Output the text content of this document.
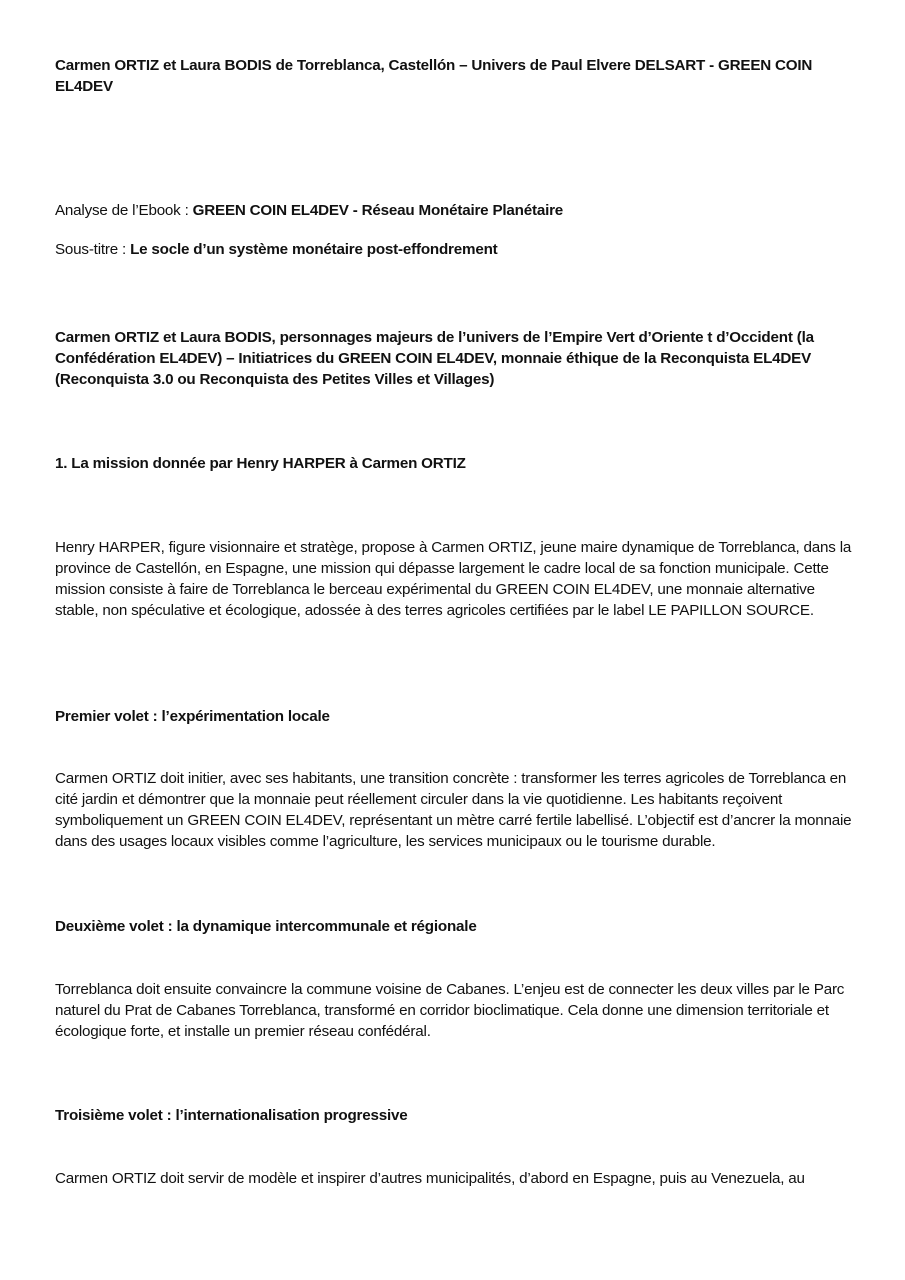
Carmen ORTIZ et Laura BODIS de Torreblanca, Castellón – Univers de Paul Elvere DELSART - GREEN COIN EL4DEV

Analyse de l’Ebook : GREEN COIN EL4DEV - Réseau Monétaire Planétaire

Sous-titre : Le socle d’un système monétaire post-effondrement

Carmen ORTIZ et Laura BODIS, personnages majeurs de l’univers de l’Empire Vert d’Oriente t d’Occident (la Confédération EL4DEV) – Initiatrices du GREEN COIN EL4DEV, monnaie éthique de la Reconquista EL4DEV (Reconquista 3.0 ou Reconquista des Petites Villes et Villages)

1. La mission donnée par Henry HARPER à Carmen ORTIZ

Henry HARPER, figure visionnaire et stratège, propose à Carmen ORTIZ, jeune maire dynamique de Torreblanca, dans la province de Castellón, en Espagne, une mission qui dépasse largement le cadre local de sa fonction municipale. Cette mission consiste à faire de Torreblanca le berceau expérimental du GREEN COIN EL4DEV, une monnaie alternative stable, non spéculative et écologique, adossée à des terres agricoles certifiées par le label LE PAPILLON SOURCE.

Premier volet : l’expérimentation locale

Carmen ORTIZ doit initier, avec ses habitants, une transition concrète : transformer les terres agricoles de Torreblanca en cité jardin et démontrer que la monnaie peut réellement circuler dans la vie quotidienne. Les habitants reçoivent symboliquement un GREEN COIN EL4DEV, représentant un mètre carré fertile labellisé. L’objectif est d’ancrer la monnaie dans des usages locaux visibles comme l’agriculture, les services municipaux ou le tourisme durable.

Deuxième volet : la dynamique intercommunale et régionale

Torreblanca doit ensuite convaincre la commune voisine de Cabanes. L’enjeu est de connecter les deux villes par le Parc naturel du Prat de Cabanes Torreblanca, transformé en corridor bioclimatique. Cela donne une dimension territoriale et écologique forte, et installe un premier réseau confédéral.

Troisième volet : l’internationalisation progressive

Carmen ORTIZ doit servir de modèle et inspirer d’autres municipalités, d’abord en Espagne, puis au Venezuela, au
